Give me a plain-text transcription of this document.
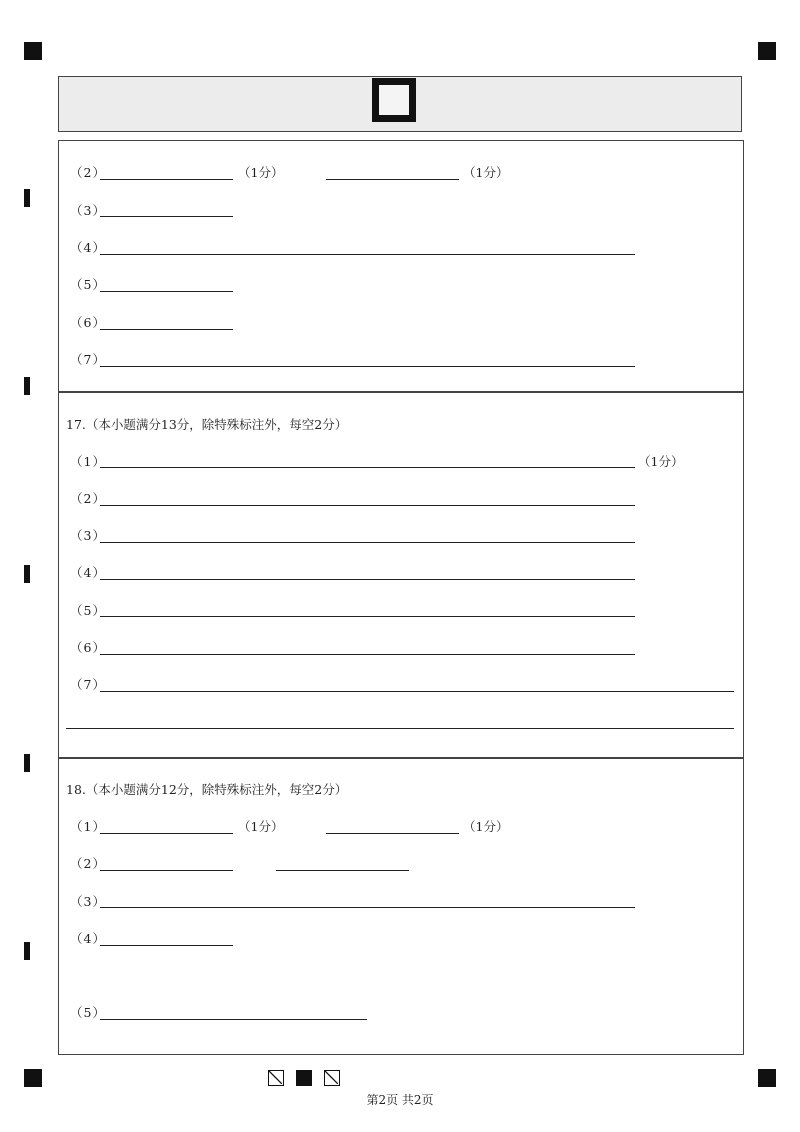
（2）	（1分）	（1分）
（3）
（4）
（5）
（6）
（7）
17.（本小题满分13分，除特殊标注外，每空2分）
（1）	（1分）
（2）
（3）
（4）
（5）
（6）
（7）
18.（本小题满分12分，除特殊标注外，每空2分）
（1）	（1分）	（1分）
（2）
（3）
（4）
（5）
第2页 共2页
